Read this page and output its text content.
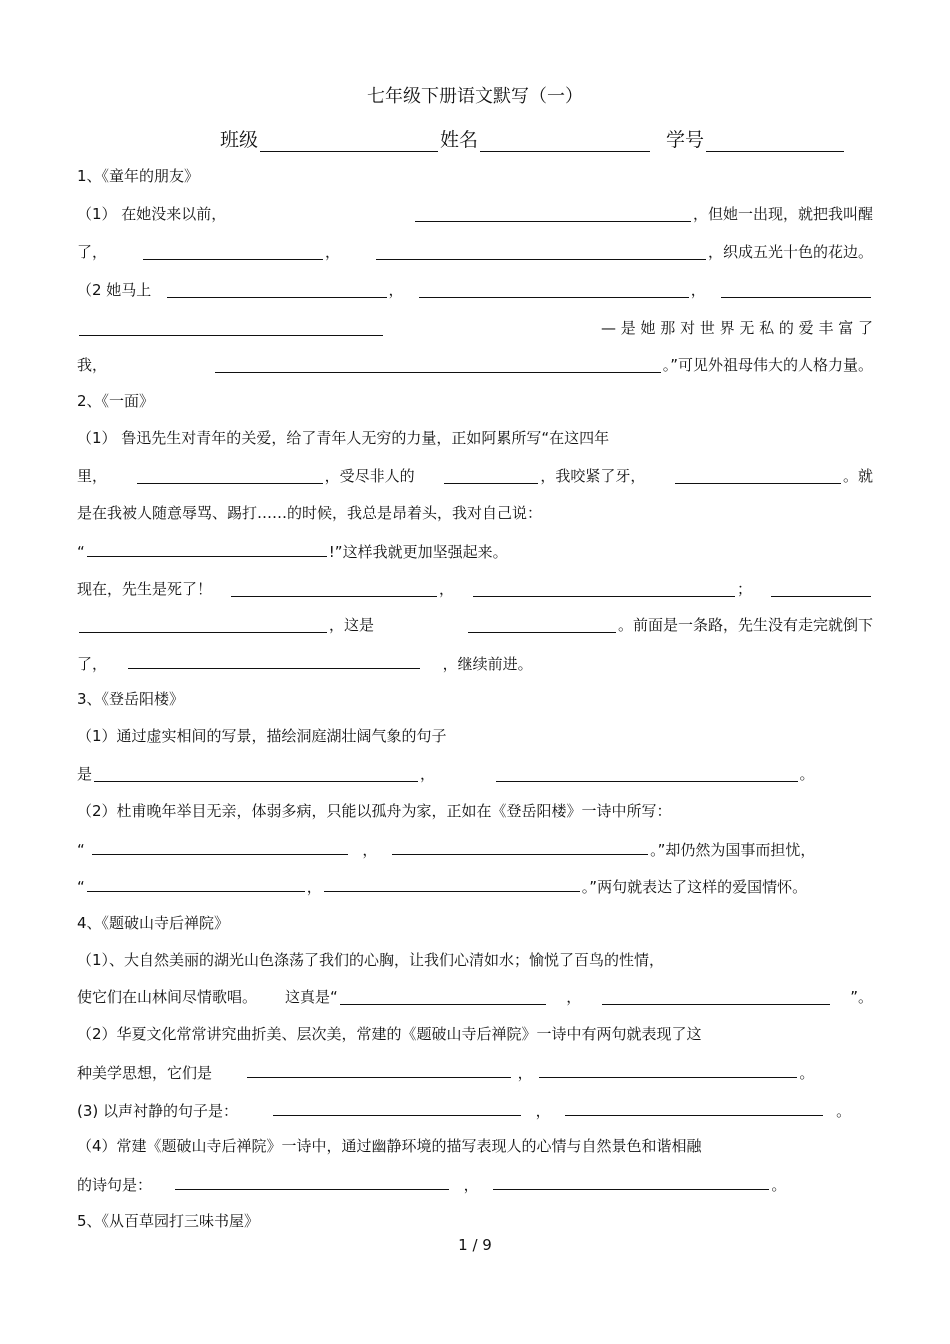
七年级下册语文默写（一）
班级	姓名	学号
1、《童年的朋友》
（1） 在她没来以前，	，但她一出现，就把我叫醒
了，	，	，织成五光十色的花边。
（2 她马上	，	，
— 是 她 那 对 世 界 无 私 的 爱 丰 富 了
我，	。”可见外祖母伟大的人格力量。
2、《一面》
（1） 鲁迅先生对青年的关爱，给了青年人无穷的力量，正如阿累所写“在这四年
里，	，受尽非人的	，我咬紧了牙，	。就
是在我被人随意辱骂、踢打……的时候，我总是昂着头，我对自己说：
“	!”这样我就更加坚强起来。
现在，先生是死了！	，	；
，这是	。前面是一条路，先生没有走完就倒下
了，	，继续前进。
3、《登岳阳楼》
（1）通过虚实相间的写景，描绘洞庭湖壮阔气象的句子
是	，	。
（2）杜甫晚年举目无亲，体弱多病，只能以孤舟为家，正如在《登岳阳楼》一诗中所写：
“	，	。”却仍然为国事而担忧，
“	，	。”两句就表达了这样的爱国情怀。
4、《题破山寺后禅院》
（1）、大自然美丽的湖光山色涤荡了我们的心胸，让我们心清如水；愉悦了百鸟的性情，
使它们在山林间尽情歌唱。 这真是“	，	”。
（2）华夏文化常常讲究曲折美、层次美，常建的《题破山寺后禅院》一诗中有两句就表现了这
种美学思想，它们是	，	。
(3) 以声衬静的句子是：	，	。
（4）常建《题破山寺后禅院》一诗中，通过幽静环境的描写表现人的心情与自然景色和谐相融
的诗句是：	，	。
5、《从百草园打三味书屋》
1 / 9
